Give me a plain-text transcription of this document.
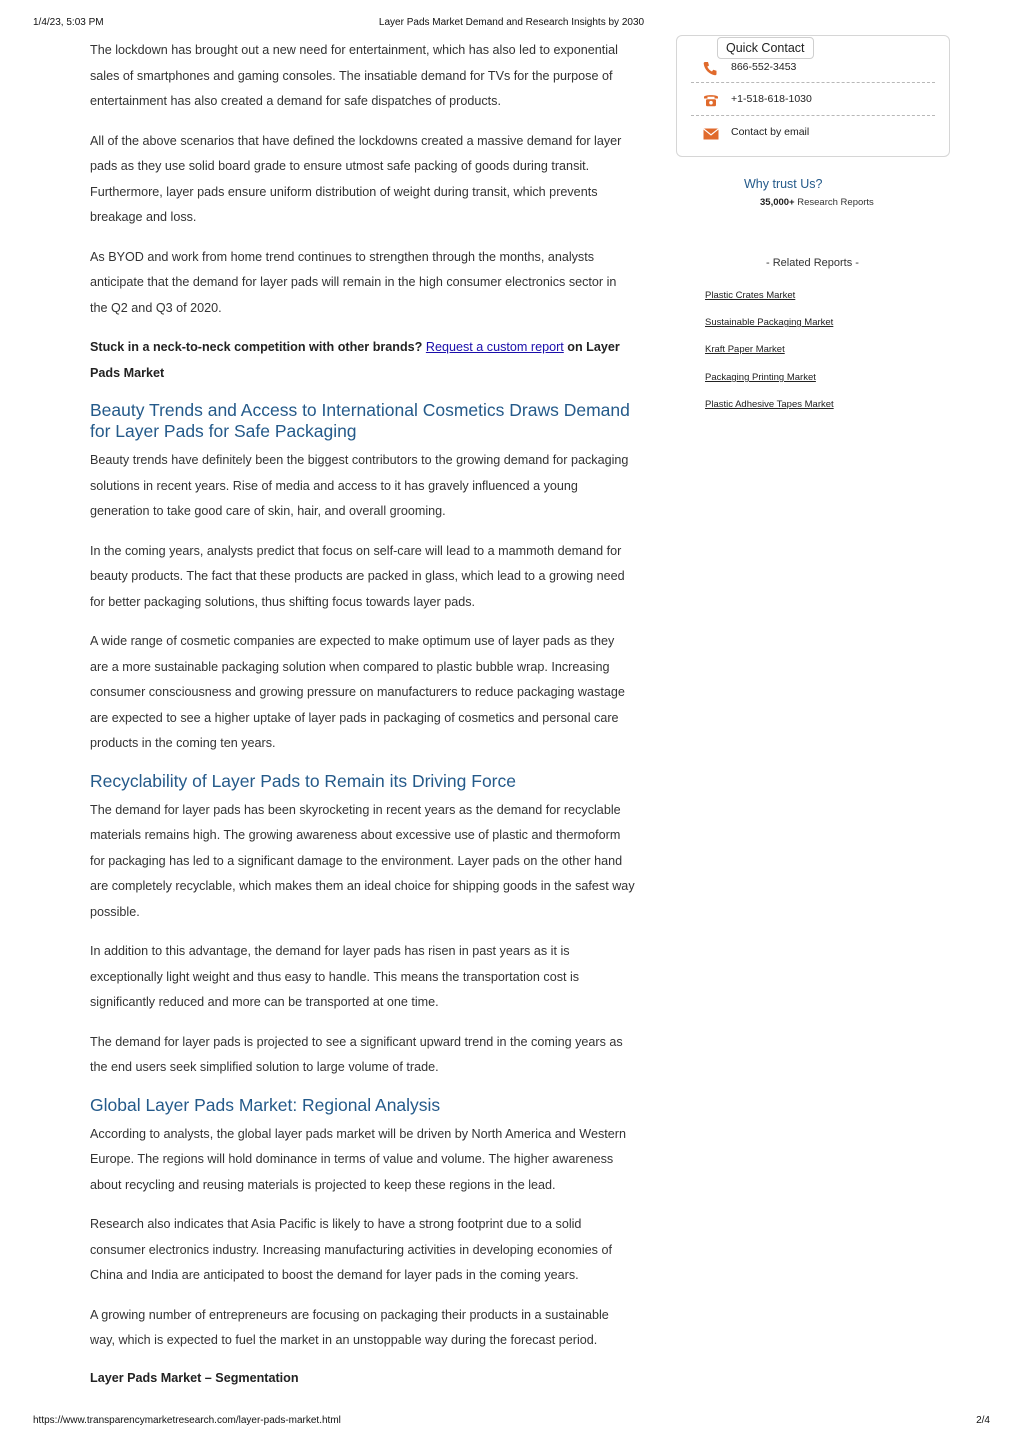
1/4/23, 5:03 PM	Layer Pads Market Demand and Research Insights by 2030

The lockdown has brought out a new need for entertainment, which has also led to exponential sales of smartphones and gaming consoles. The insatiable demand for TVs for the purpose of entertainment has also created a demand for safe dispatches of products.

All of the above scenarios that have defined the lockdowns created a massive demand for layer pads as they use solid board grade to ensure utmost safe packing of goods during transit. Furthermore, layer pads ensure uniform distribution of weight during transit, which prevents breakage and loss.

As BYOD and work from home trend continues to strengthen through the months, analysts anticipate that the demand for layer pads will remain in the high consumer electronics sector in the Q2 and Q3 of 2020.

Stuck in a neck-to-neck competition with other brands? Request a custom report on Layer Pads Market

Beauty Trends and Access to International Cosmetics Draws Demand for Layer Pads for Safe Packaging

Beauty trends have definitely been the biggest contributors to the growing demand for packaging solutions in recent years. Rise of media and access to it has gravely influenced a young generation to take good care of skin, hair, and overall grooming.

In the coming years, analysts predict that focus on self-care will lead to a mammoth demand for beauty products. The fact that these products are packed in glass, which lead to a growing need for better packaging solutions, thus shifting focus towards layer pads.

A wide range of cosmetic companies are expected to make optimum use of layer pads as they are a more sustainable packaging solution when compared to plastic bubble wrap. Increasing consumer consciousness and growing pressure on manufacturers to reduce packaging wastage are expected to see a higher uptake of layer pads in packaging of cosmetics and personal care products in the coming ten years.

Recyclability of Layer Pads to Remain its Driving Force

The demand for layer pads has been skyrocketing in recent years as the demand for recyclable materials remains high. The growing awareness about excessive use of plastic and thermoform for packaging has led to a significant damage to the environment. Layer pads on the other hand are completely recyclable, which makes them an ideal choice for shipping goods in the safest way possible.

In addition to this advantage, the demand for layer pads has risen in past years as it is exceptionally light weight and thus easy to handle. This means the transportation cost is significantly reduced and more can be transported at one time.

The demand for layer pads is projected to see a significant upward trend in the coming years as the end users seek simplified solution to large volume of trade.

Global Layer Pads Market: Regional Analysis

According to analysts, the global layer pads market will be driven by North America and Western Europe. The regions will hold dominance in terms of value and volume. The higher awareness about recycling and reusing materials is projected to keep these regions in the lead.

Research also indicates that Asia Pacific is likely to have a strong footprint due to a solid consumer electronics industry. Increasing manufacturing activities in developing economies of China and India are anticipated to boost the demand for layer pads in the coming years.

A growing number of entrepreneurs are focusing on packaging their products in a sustainable way, which is expected to fuel the market in an unstoppable way during the forecast period.

Layer Pads Market – Segmentation

Quick Contact
866-552-3453
+1-518-618-1030
Contact by email
Why trust Us?
35,000+ Research Reports
- Related Reports -
Plastic Crates Market
Sustainable Packaging Market
Kraft Paper Market
Packaging Printing Market
Plastic Adhesive Tapes Market
https://www.transparencymarketresearch.com/layer-pads-market.html	2/4
